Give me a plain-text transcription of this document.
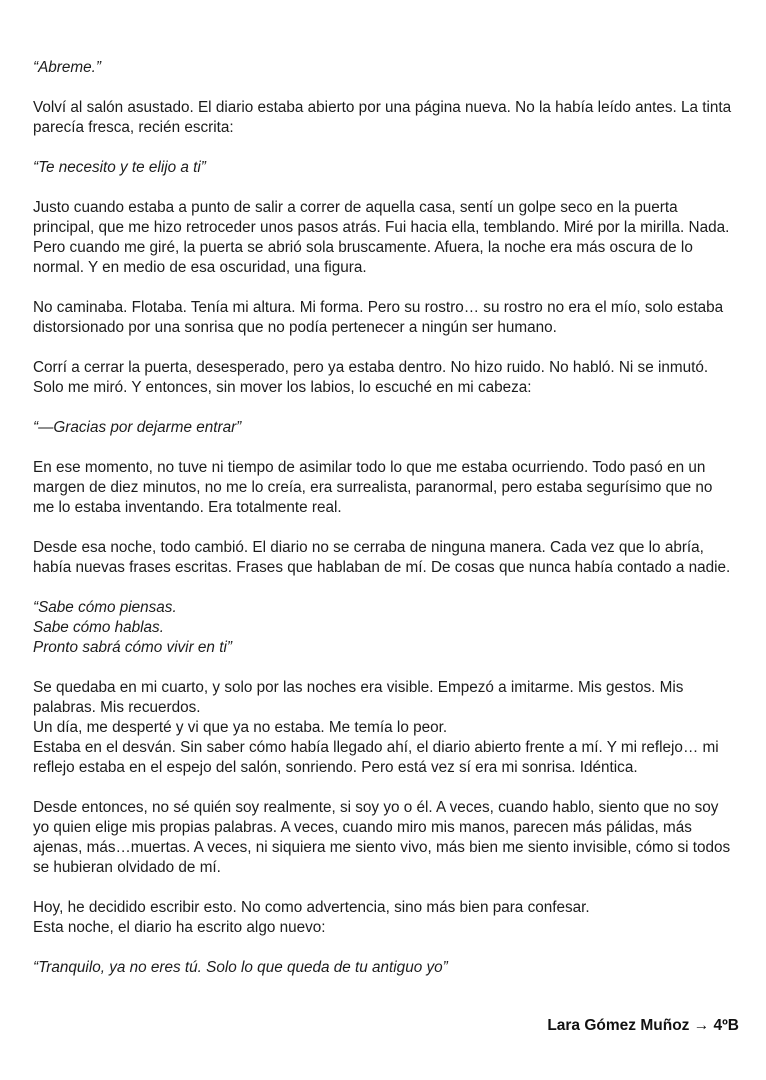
“Abreme.”
Volví al salón asustado. El diario estaba abierto por una página nueva. No la había leído antes. La tinta parecía fresca, recién escrita:
“Te necesito y te elijo a ti”
Justo cuando estaba a punto de salir a correr de aquella casa, sentí un golpe seco en la puerta principal, que me hizo retroceder unos pasos atrás. Fui hacia ella, temblando. Miré por la mirilla. Nada. Pero cuando me giré, la puerta se abrió sola bruscamente. Afuera, la noche era más oscura de lo normal. Y en medio de esa oscuridad, una figura.
No caminaba. Flotaba. Tenía mi altura. Mi forma. Pero su rostro… su rostro no era el mío, solo estaba distorsionado por una sonrisa que no podía pertenecer a ningún ser humano.
Corrí a cerrar la puerta, desesperado, pero ya estaba dentro. No hizo ruido. No habló. Ni se inmutó. Solo me miró. Y entonces, sin mover los labios, lo escuché en mi cabeza:
“—Gracias por dejarme entrar”
En ese momento, no tuve ni tiempo de asimilar todo lo que me estaba ocurriendo. Todo pasó en un margen de diez minutos, no me lo creía, era surrealista, paranormal, pero estaba segurísimo que no me lo estaba inventando. Era totalmente real.
Desde esa noche, todo cambió. El diario no se cerraba de ninguna manera. Cada vez que lo abría, había nuevas frases escritas. Frases que hablaban de mí. De cosas que nunca había contado a nadie.
“Sabe cómo piensas.
Sabe cómo hablas.
Pronto sabrá cómo vivir en ti”
Se quedaba en mi cuarto, y solo por las noches era visible. Empezó a imitarme. Mis gestos. Mis palabras. Mis recuerdos.
Un día, me desperté y vi que ya no estaba. Me temía lo peor.
Estaba en el desván. Sin saber cómo había llegado ahí, el diario abierto frente a mí. Y mi reflejo… mi reflejo estaba en el espejo del salón, sonriendo. Pero está vez sí era mi sonrisa. Idéntica.
Desde entonces, no sé quién soy realmente, si soy yo o él. A veces, cuando hablo, siento que no soy yo quien elige mis propias palabras. A veces, cuando miro mis manos, parecen más pálidas, más ajenas, más…muertas. A veces, ni siquiera me siento vivo, más bien me siento invisible, cómo si todos se hubieran olvidado de mí.
Hoy, he decidido escribir esto. No como advertencia, sino más bien para confesar.
Esta noche, el diario ha escrito algo nuevo:
“Tranquilo, ya no eres tú. Solo lo que queda de tu antiguo yo”
Lara Gómez Muñoz → 4ºB
